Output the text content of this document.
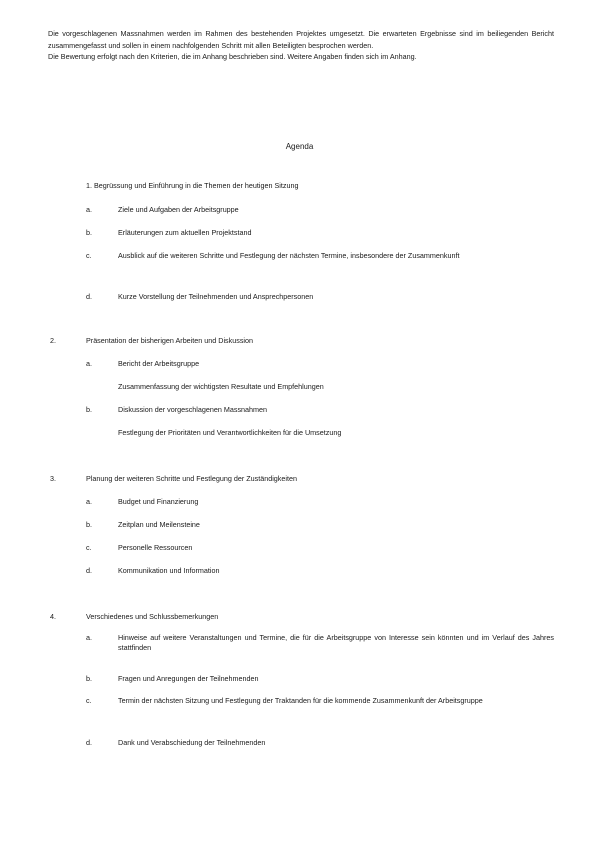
Die vorgeschlagenen Massnahmen werden im Rahmen des bestehenden Projektes umgesetzt. Die erwarteten Ergebnisse sind im beiliegenden Bericht zusammengefasst und sollen in einem nachfolgenden Schritt mit allen Beteiligten besprochen werden.

Die Bewertung erfolgt nach den Kriterien, die im Anhang beschrieben sind. Weitere Angaben finden sich im Anhang.

Agenda
1. Begrüssung und Einführung in die Themen der heutigen Sitzung
a.	Ziele und Aufgaben der Arbeitsgruppe
b.	Erläuterungen zum aktuellen Projektstand
c.	Ausblick auf die weiteren Schritte und Festlegung der nächsten Termine, insbesondere der Zusammenkunft
d.	Kurze Vorstellung der Teilnehmenden und Ansprechpersonen
2.	Präsentation der bisherigen Arbeiten und Diskussion
a.	Bericht der Arbeitsgruppe
Zusammenfassung der wichtigsten Resultate und Empfehlungen
b.	Diskussion der vorgeschlagenen Massnahmen
Festlegung der Prioritäten und Verantwortlichkeiten für die Umsetzung
3.	Planung der weiteren Schritte und Festlegung der Zuständigkeiten
a.	Budget und Finanzierung
b.	Zeitplan und Meilensteine
c.	Personelle Ressourcen
d.	Kommunikation und Information
4.	Verschiedenes und Schlussbemerkungen
a.	Hinweise auf weitere Veranstaltungen und Termine, die für die Arbeitsgruppe von Interesse sein könnten und im Verlauf des Jahres stattfinden
b.	Fragen und Anregungen der Teilnehmenden
c.	Termin der nächsten Sitzung und Festlegung der Traktanden für die kommende Zusammenkunft der Arbeitsgruppe
d.	Dank und Verabschiedung der Teilnehmenden
